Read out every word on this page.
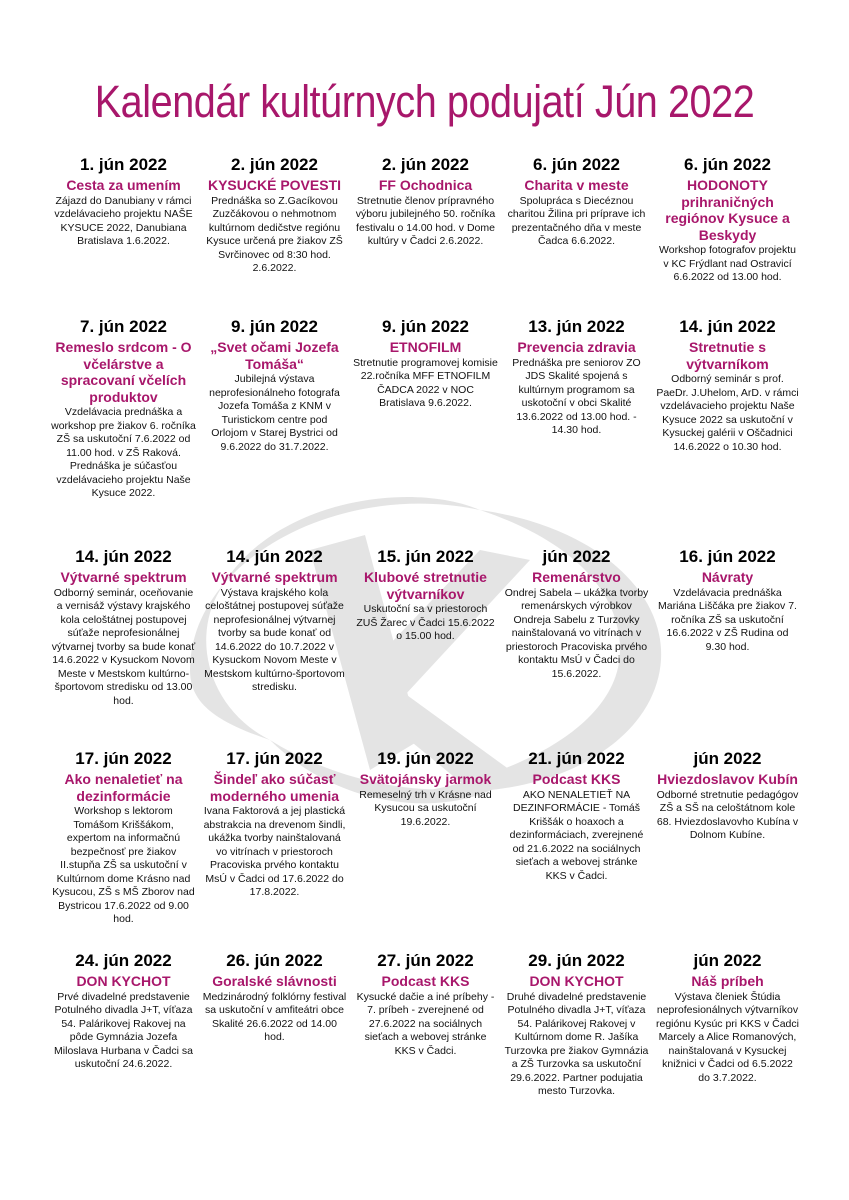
Kalendár kultúrnych podujatí Jún 2022
1. jún 2022
Cesta za umením
Zájazd do Danubiany v rámci vzdelávacieho projektu NAŠE KYSUCE 2022, Danubiana Bratislava 1.6.2022.
2. jún 2022
KYSUCKÉ POVESTI
Prednáška so Z.Gacíkovou Zuzčákovou o nehmotnom kultúrnom dedičstve regiónu Kysuce určená pre žiakov ZŠ Svrčinovec od 8:30 hod. 2.6.2022.
2. jún 2022
FF Ochodnica
Stretnutie členov prípravného výboru jubilejného 50. ročníka festivalu o 14.00 hod. v Dome kultúry v Čadci 2.6.2022.
6. jún 2022
Charita v meste
Spolupráca s Diecéznou charitou Žilina pri príprave ich prezentačného dňa v meste Čadca 6.6.2022.
6. jún 2022
HODONOTY prihraničných regiónov Kysuce a Beskydy
Workshop fotografov projektu v KC Frýdlant nad Ostravicí 6.6.2022 od 13.00 hod.
7. jún 2022
Remeslo srdcom - O včelárstve a spracovaní včelích produktov
Vzdelávacia prednáška a workshop pre žiakov 6. ročníka ZŠ sa uskutoční 7.6.2022 od 11.00 hod. v ZŠ Raková. Prednáška je súčasťou vzdelávacieho projektu Naše Kysuce 2022.
9. jún 2022
„Svet očami Jozefa Tomáša“
Jubilejná výstava neprofesionálneho fotografa Jozefa Tomáša z KNM v Turistickom centre pod Orlojom v Starej Bystrici od 9.6.2022 do 31.7.2022.
9. jún 2022
ETNOFILM
Stretnutie programovej komisie 22.ročníka MFF ETNOFILM ČADCA 2022 v NOC Bratislava 9.6.2022.
13. jún 2022
Prevencia zdravia
Prednáška pre seniorov ZO JDS Skalité spojená s kultúrnym programom sa uskotoční v obci Skalité 13.6.2022 od 13.00 hod. - 14.30 hod.
14. jún 2022
Stretnutie s výtvarníkom
Odborný seminár s prof. PaeDr. J.Uhelom, ArD. v rámci vzdelávacieho projektu Naše Kysuce 2022 sa uskutoční v Kysuckej galérii v Oščadnici 14.6.2022 o 10.30 hod.
14. jún 2022
Výtvarné spektrum
Odborný seminár, oceňovanie a vernisáž výstavy krajského kola celoštátnej postupovej súťaže neprofesionálnej výtvarnej tvorby sa bude konať 14.6.2022 v Kysuckom Novom Meste v Mestskom kultúrno-športovom stredisku od 13.00 hod.
14. jún 2022
Výtvarné spektrum
Výstava krajského kola celoštátnej postupovej súťaže neprofesionálnej výtvarnej tvorby sa bude konať od 14.6.2022 do 10.7.2022 v Kysuckom Novom Meste v Mestskom kultúrno-športovom stredisku.
15. jún 2022
Klubové stretnutie výtvarníkov
Uskutoční sa v priestoroch ZUŠ Žarec v Čadci 15.6.2022 o 15.00 hod.
jún 2022
Remenárstvo
Ondrej Sabela – ukážka tvorby remenárskych výrobkov Ondreja Sabelu z Turzovky nainštalovaná vo vitrínach v priestoroch Pracoviska prvého kontaktu MsÚ v Čadci do 15.6.2022.
16. jún 2022
Návraty
Vzdelávacia prednáška Mariána Liščáka pre žiakov 7. ročníka ZŠ sa uskutoční 16.6.2022 v ZŠ Rudina od 9.30 hod.
17. jún 2022
Ako nenaletieť na dezinformácie
Workshop s lektorom Tomášom Kriššákom, expertom na informačnú bezpečnosť pre žiakov II.stupňa ZŠ sa uskutoční v Kultúrnom dome Krásno nad Kysucou, ZŠ s MŠ Zborov nad Bystricou 17.6.2022 od 9.00 hod.
17. jún 2022
Šindeľ ako súčasť moderného umenia
Ivana Faktorová a jej plastická abstrakcia na drevenom šindli, ukážka tvorby nainštalovaná vo vitrínach v priestoroch Pracoviska prvého kontaktu MsÚ v Čadci od 17.6.2022 do 17.8.2022.
19. jún 2022
Svätojánsky jarmok
Remeselný trh v Krásne nad Kysucou sa uskutoční 19.6.2022.
21. jún 2022
Podcast KKS
AKO NENALETIEŤ NA DEZINFORMÁCIE - Tomáš Kriššák o hoaxoch a dezinformáciach, zverejnené od 21.6.2022 na sociálnych sieťach a webovej stránke KKS v Čadci.
jún 2022
Hviezdoslavov Kubín
Odborné stretnutie pedagógov ZŠ a SŠ na celoštátnom kole 68. Hviezdoslavovho Kubína v Dolnom Kubíne.
24. jún 2022
DON KYCHOT
Prvé divadelné predstavenie Potulného divadla J+T, víťaza 54. Palárikovej Rakovej na pôde Gymnázia Jozefa Miloslava Hurbana v Čadci sa uskutoční 24.6.2022.
26. jún 2022
Goralské slávnosti
Medzinárodný folklórny festival sa uskutoční v amfiteátri obce Skalité 26.6.2022 od 14.00 hod.
27. jún 2022
Podcast KKS
Kysucké dačie a iné príbehy - 7. príbeh - zverejnené od 27.6.2022 na sociálnych sieťach a webovej stránke KKS v Čadci.
29. jún 2022
DON KYCHOT
Druhé divadelné predstavenie Potulného divadla J+T, víťaza 54. Palárikovej Rakovej v Kultúrnom dome R. Jašíka Turzovka pre žiakov Gymnázia a ZŠ Turzovka sa uskutoční 29.6.2022. Partner podujatia mesto Turzovka.
jún 2022
Náš príbeh
Výstava členiek Štúdia neprofesionálnych výtvarníkov regiónu Kysúc pri KKS v Čadci Marcely a Alice Romanových, nainštalovaná v Kysuckej knižnici v Čadci od 6.5.2022 do 3.7.2022.
